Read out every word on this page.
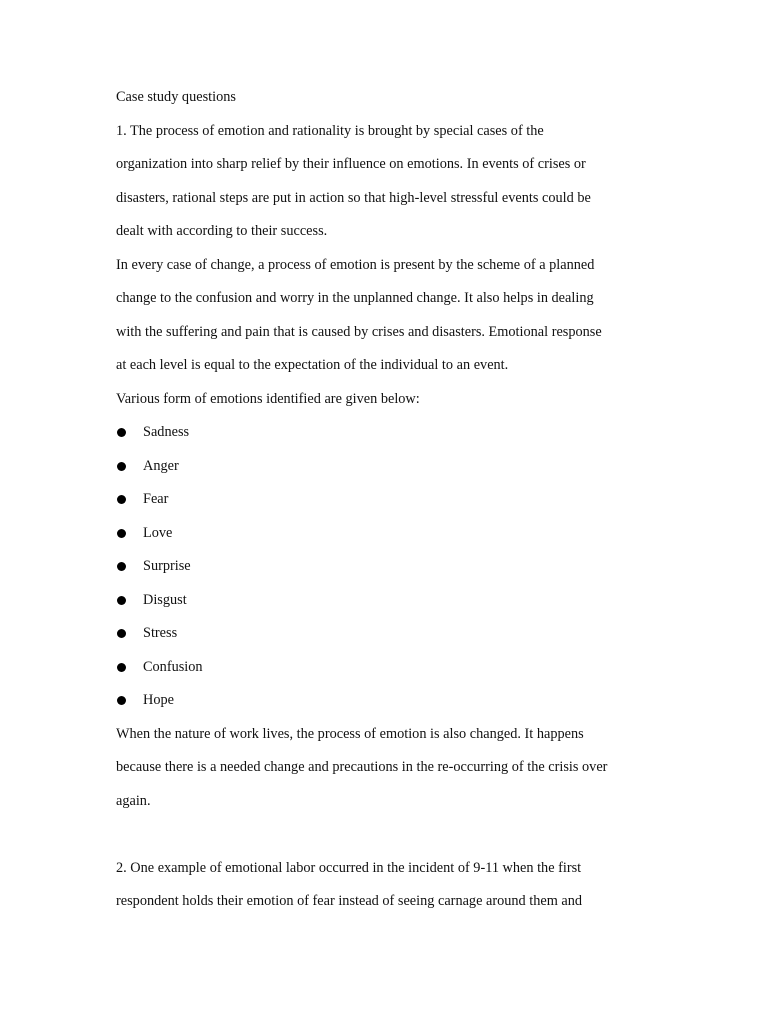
Case study questions
1. The process of emotion and rationality is brought by special cases of the
organization into sharp relief by their influence on emotions. In events of crises or
disasters, rational steps are put in action so that high-level stressful events could be
dealt with according to their success.
In every case of change, a process of emotion is present by the scheme of a planned
change to the confusion and worry in the unplanned change. It also helps in dealing
with the suffering and pain that is caused by crises and disasters. Emotional response
at each level is equal to the expectation of the individual to an event.
Various form of emotions identified are given below:
Sadness
Anger
Fear
Love
Surprise
Disgust
Stress
Confusion
Hope
When the nature of work lives, the process of emotion is also changed. It happens
because there is a needed change and precautions in the re-occurring of the crisis over
again.
2. One example of emotional labor occurred in the incident of 9-11 when the first
respondent holds their emotion of fear instead of seeing carnage around them and
